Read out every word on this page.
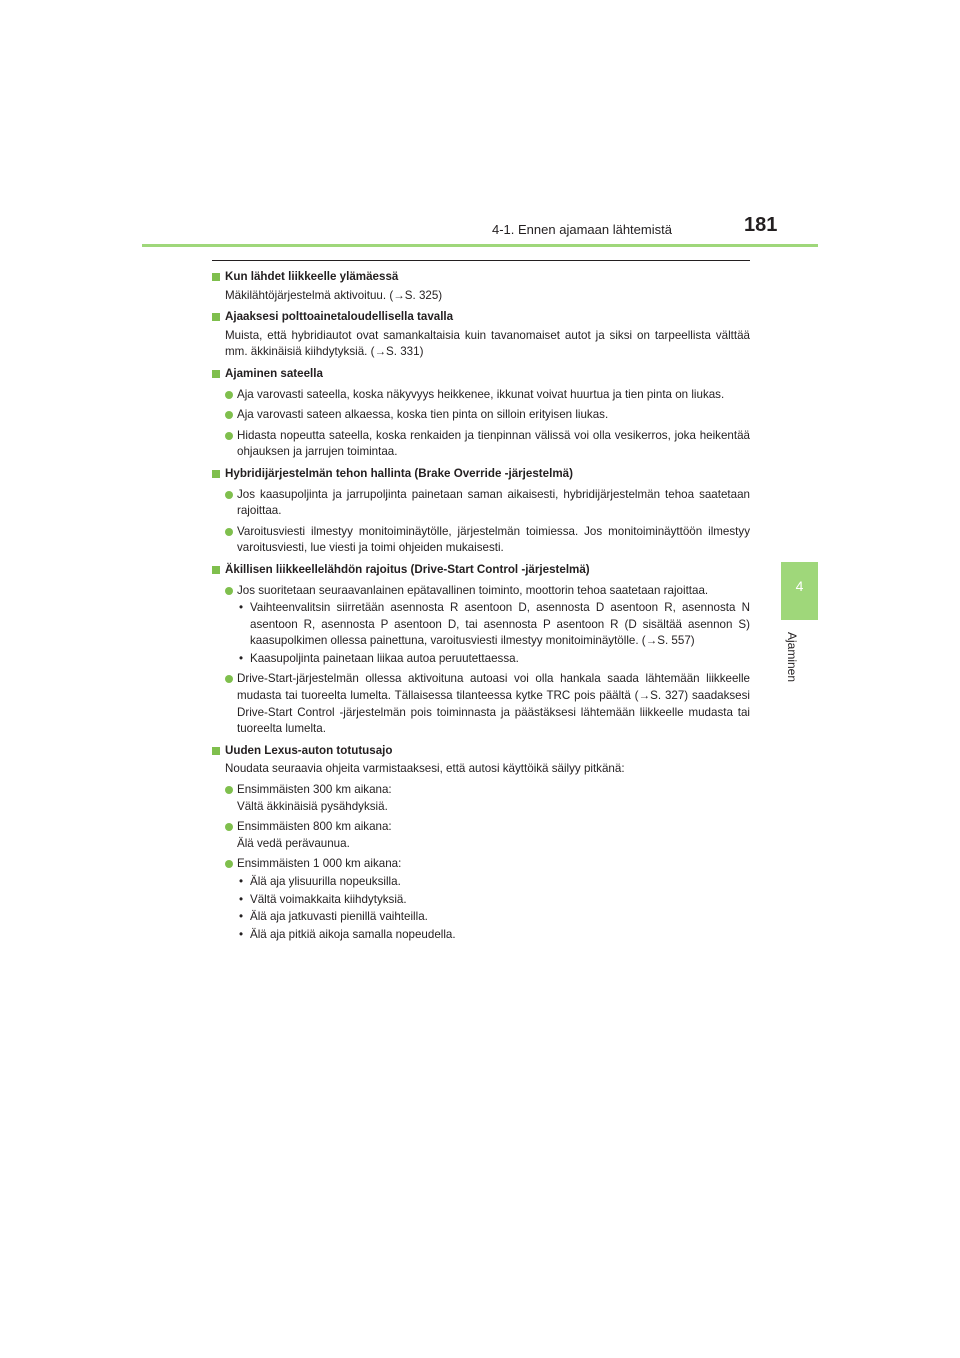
4-1. Ennen ajamaan lähtemistä	181
4
Ajaminen
Kun lähdet liikkeelle ylämäessä
Mäkilähtöjärjestelmä aktivoituu. (→S. 325)
Ajaaksesi polttoainetaloudellisella tavalla
Muista, että hybridiautot ovat samankaltaisia kuin tavanomaiset autot ja siksi on tarpeellista välttää mm. äkkinäisiä kiihdytyksiä. (→S. 331)
Ajaminen sateella
Aja varovasti sateella, koska näkyvyys heikkenee, ikkunat voivat huurtua ja tien pinta on liukas.
Aja varovasti sateen alkaessa, koska tien pinta on silloin erityisen liukas.
Hidasta nopeutta sateella, koska renkaiden ja tienpinnan välissä voi olla vesikerros, joka heikentää ohjauksen ja jarrujen toimintaa.
Hybridijärjestelmän tehon hallinta (Brake Override -järjestelmä)
Jos kaasupoljinta ja jarrupoljinta painetaan saman aikaisesti, hybridijärjestelmän tehoa saatetaan rajoittaa.
Varoitusviesti ilmestyy monitoiminäytölle, järjestelmän toimiessa. Jos monitoiminäyttöön ilmestyy varoitusviesti, lue viesti ja toimi ohjeiden mukaisesti.
Äkillisen liikkeellelähdön rajoitus (Drive-Start Control -järjestelmä)
Jos suoritetaan seuraavanlainen epätavallinen toiminto, moottorin tehoa saatetaan rajoittaa.
• Vaihteenvalitsin siirretään asennosta R asentoon D, asennosta D asentoon R, asennosta N asentoon R, asennosta P asentoon D, tai asennosta P asentoon R (D sisältää asennon S) kaasupolkimen ollessa painettuna, varoitusviesti ilmestyy monitoiminäytölle. (→S. 557)
• Kaasupoljinta painetaan liikaa autoa peruutettaessa.
Drive-Start-järjestelmän ollessa aktivoituna autoasi voi olla hankala saada lähtemään liikkeelle mudasta tai tuoreelta lumelta. Tällaisessa tilanteessa kytke TRC pois päältä (→S. 327) saadaksesi Drive-Start Control -järjestelmän pois toiminnasta ja päästäksesi lähtemään liikkeelle mudasta tai tuoreelta lumelta.
Uuden Lexus-auton totutusajo
Noudata seuraavia ohjeita varmistaaksesi, että autosi käyttöikä säilyy pitkänä:
Ensimmäisten 300 km aikana:
Vältä äkkinäisiä pysähdyksiä.
Ensimmäisten 800 km aikana:
Älä vedä perävaunua.
Ensimmäisten 1 000 km aikana:
• Älä aja ylisuurilla nopeuksilla.
• Vältä voimakkaita kiihdytyksiä.
• Älä aja jatkuvasti pienillä vaihteilla.
• Älä aja pitkiä aikoja samalla nopeudella.
